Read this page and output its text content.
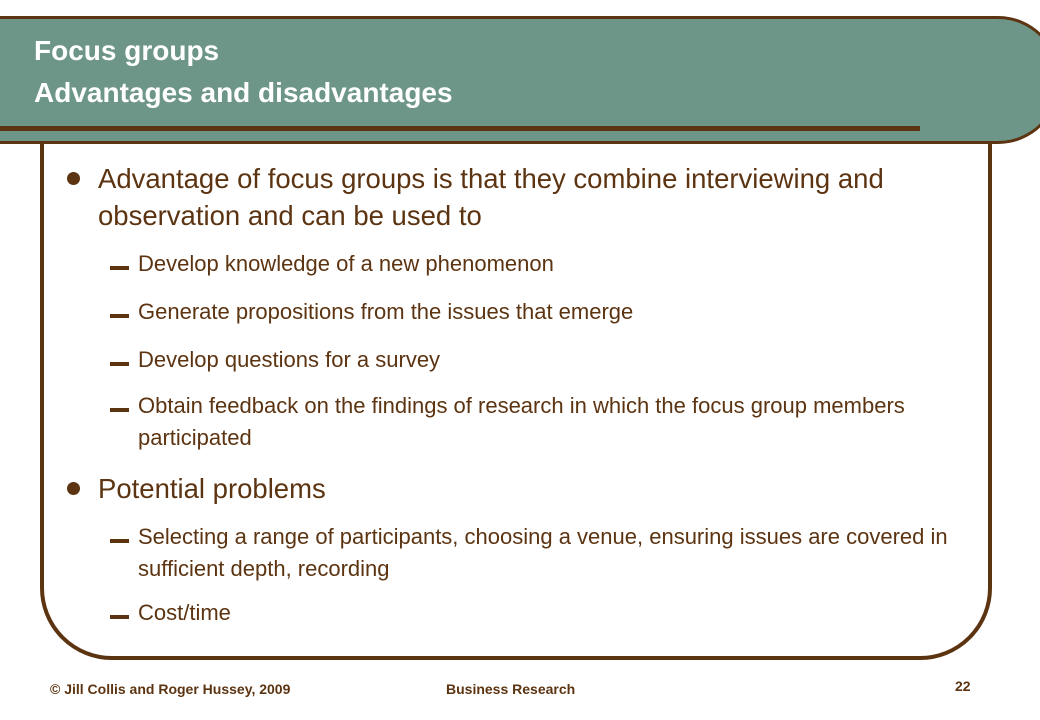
Focus groups
Advantages and disadvantages
Advantage of focus groups is that they combine interviewing and observation and can be used to
Develop knowledge of a new phenomenon
Generate propositions from the issues that emerge
Develop questions for a survey
Obtain feedback on the findings of research in which the focus group members participated
Potential problems
Selecting a range of participants, choosing a venue, ensuring issues are covered in sufficient depth, recording
Cost/time
© Jill Collis and Roger Hussey, 2009	Business Research	22
